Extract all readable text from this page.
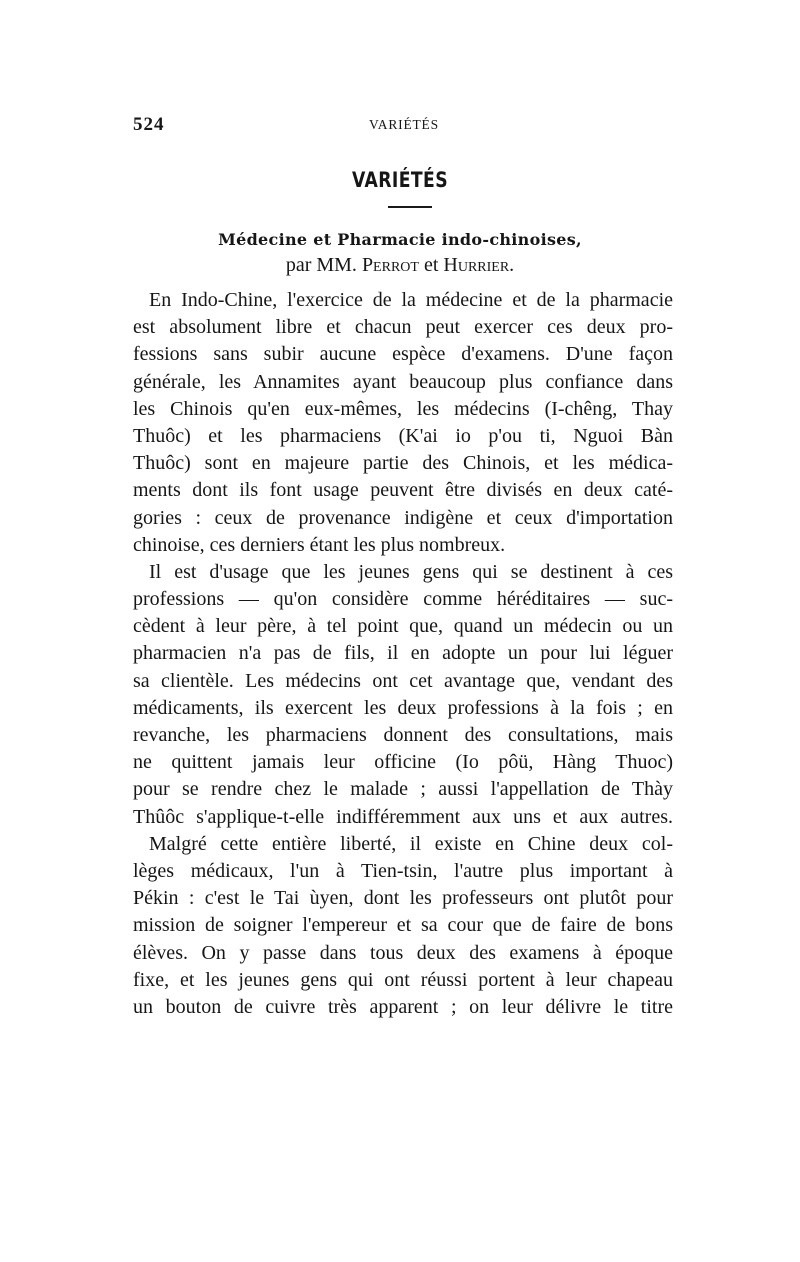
524	VARIÉTÉS
VARIÉTÉS
Médecine et Pharmacie indo-chinoises,
par MM. Perrot et Hurrier.
En Indo-Chine, l'exercice de la médecine et de la pharmacie
est absolument libre et chacun peut exercer ces deux pro-
fessions sans subir aucune espèce d'examens. D'une façon
générale, les Annamites ayant beaucoup plus confiance dans
les Chinois qu'en eux-mêmes, les médecins (I-chêng, Thay
Thuôc) et les pharmaciens (K'ai io p'ou ti, Nguoi Bàn
Thuôc) sont en majeure partie des Chinois, et les médica-
ments dont ils font usage peuvent être divisés en deux caté-
gories : ceux de provenance indigène et ceux d'importation
chinoise, ces derniers étant les plus nombreux.
Il est d'usage que les jeunes gens qui se destinent à ces
professions — qu'on considère comme héréditaires — suc-
cèdent à leur père, à tel point que, quand un médecin ou un
pharmacien n'a pas de fils, il en adopte un pour lui léguer
sa clientèle. Les médecins ont cet avantage que, vendant des
médicaments, ils exercent les deux professions à la fois ; en
revanche, les pharmaciens donnent des consultations, mais
ne quittent jamais leur officine (Io pôü, Hàng Thuoc)
pour se rendre chez le malade ; aussi l'appellation de Thày
Thûôc s'applique-t-elle indifféremment aux uns et aux autres.
Malgré cette entière liberté, il existe en Chine deux col-
lèges médicaux, l'un à Tien-tsin, l'autre plus important à
Pékin : c'est le Tai ùyen, dont les professeurs ont plutôt pour
mission de soigner l'empereur et sa cour que de faire de bons
élèves. On y passe dans tous deux des examens à époque
fixe, et les jeunes gens qui ont réussi portent à leur chapeau
un bouton de cuivre très apparent ; on leur délivre le titre
